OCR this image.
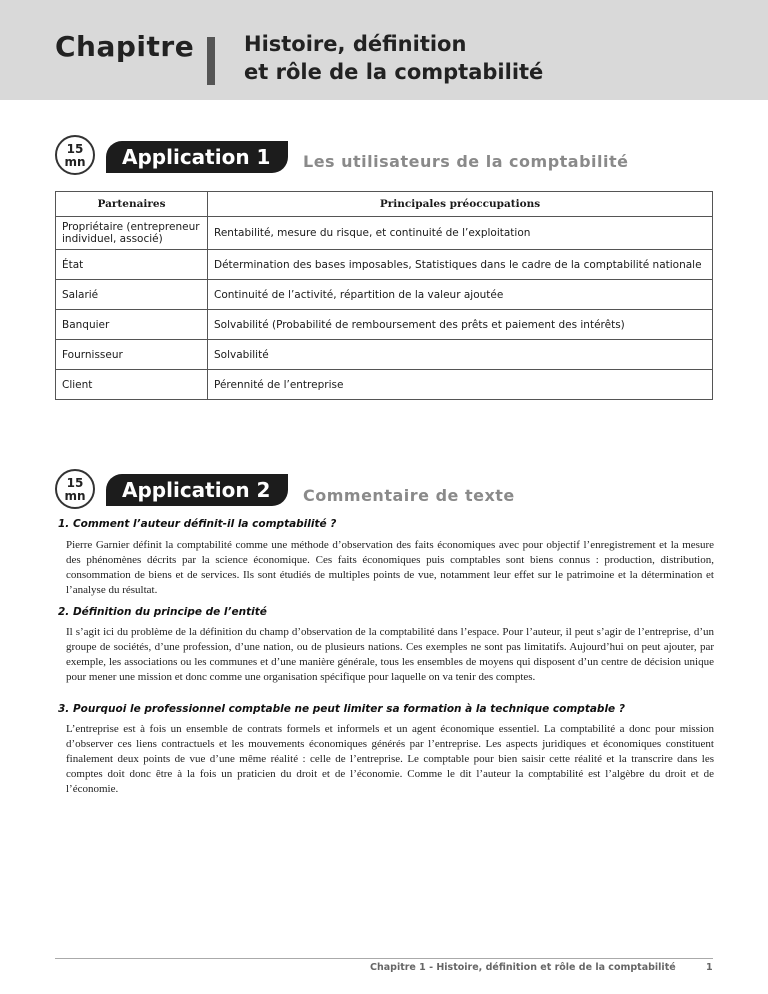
Chapitre Histoire, définition
et rôle de la comptabilité
15
mn	Application 1	Les utilisateurs de la comptabilité
Partenaires	Principales préoccupations
Propriétaire (entrepreneur individuel, associé)	Rentabilité, mesure du risque, et continuité de l’exploitation
État	Détermination des bases imposables, Statistiques dans le cadre de la comptabilité nationale
Salarié	Continuité de l’activité, répartition de la valeur ajoutée
Banquier	Solvabilité (Probabilité de remboursement des prêts et paiement des intérêts)
Fournisseur	Solvabilité
Client	Pérennité de l’entreprise
15
mn	Application 2	Commentaire de texte
1. Comment l’auteur définit-il la comptabilité ?
Pierre Garnier définit la comptabilité comme une méthode d’observation des faits économiques avec pour objectif l’enregistrement et la mesure des phénomènes décrits par la science économique. Ces faits économiques puis comptables sont biens connus : production, distribution, consommation de biens et de services. Ils sont étudiés de multiples points de vue, notamment leur effet sur le patrimoine et la détermination et l’analyse du résultat.
2. Définition du principe de l’entité
Il s’agit ici du problème de la définition du champ d’observation de la comptabilité dans l’espace. Pour l’auteur, il peut s’agir de l’entreprise, d’un groupe de sociétés, d’une profession, d’une nation, ou de plusieurs nations. Ces exemples ne sont pas limitatifs. Aujourd’hui on peut ajouter, par exemple, les associations ou les communes et d’une manière générale, tous les ensembles de moyens qui disposent d’un centre de décision unique pour mener une mission et donc comme une organisation spécifique pour laquelle on va tenir des comptes.
3. Pourquoi le professionnel comptable ne peut limiter sa formation à la technique comptable ?
L’entreprise est à fois un ensemble de contrats formels et informels et un agent économique essentiel. La comptabilité a donc pour mission d’observer ces liens contractuels et les mouvements économiques générés par l’entreprise. Les aspects juridiques et économiques constituent finalement deux points de vue d’une même réalité : celle de l’entreprise. Le comptable pour bien saisir cette réalité et la transcrire dans les comptes doit donc être à la fois un praticien du droit et de l’économie. Comme le dit l’auteur la comptabilité est l’algèbre du droit et de l’économie.
Chapitre 1 - Histoire, définition et rôle de la comptabilité	1
